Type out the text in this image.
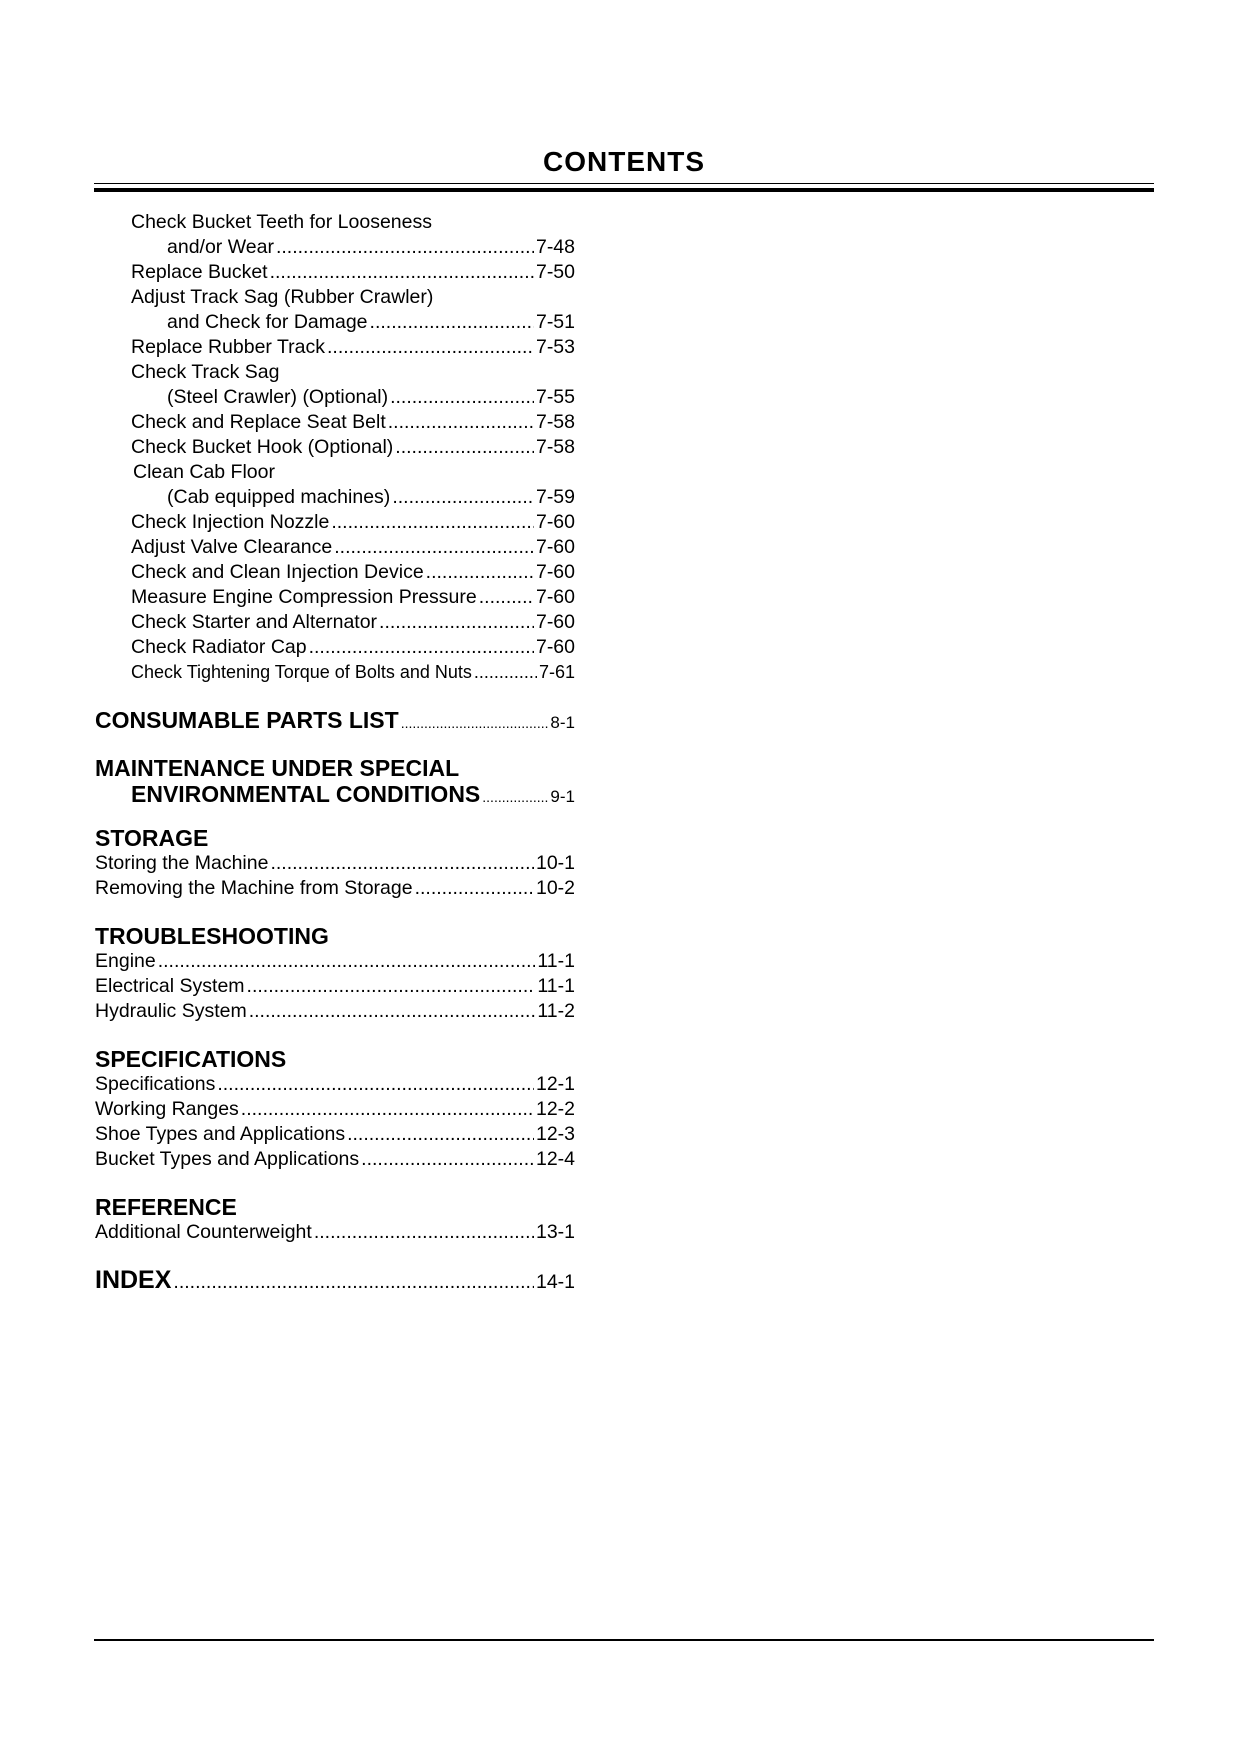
CONTENTS
Check Bucket Teeth for Looseness
and/or Wear .....	7-48
Replace Bucket .....	7-50
Adjust Track Sag (Rubber Crawler)
and Check for Damage .....	7-51
Replace Rubber Track .....	7-53
Check Track Sag
(Steel Crawler) (Optional) .....	7-55
Check and Replace Seat Belt .....	7-58
Check Bucket Hook (Optional) .....	7-58
Clean Cab Floor
(Cab equipped machines) .....	7-59
Check Injection Nozzle .....	7-60
Adjust Valve Clearance .....	7-60
Check and Clean Injection Device .....	7-60
Measure Engine Compression Pressure .....	7-60
Check Starter and Alternator .....	7-60
Check Radiator Cap .....	7-60
Check Tightening Torque of Bolts and Nuts .....	7-61
CONSUMABLE PARTS LIST .....	8-1
MAINTENANCE UNDER SPECIAL
ENVIRONMENTAL CONDITIONS .....	9-1
STORAGE
Storing the Machine .....	10-1
Removing the Machine from Storage .....	10-2
TROUBLESHOOTING
Engine .....	11-1
Electrical System .....	11-1
Hydraulic System .....	11-2
SPECIFICATIONS
Specifications .....	12-1
Working Ranges .....	12-2
Shoe Types and Applications .....	12-3
Bucket Types and Applications .....	12-4
REFERENCE
Additional Counterweight .....	13-1
INDEX .....	14-1
